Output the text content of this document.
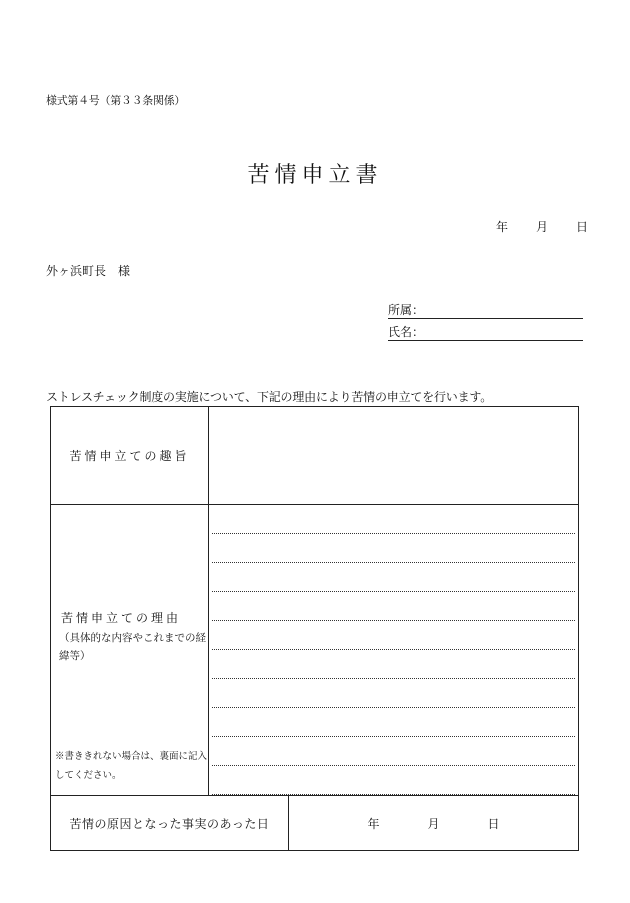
様式第４号（第３３条関係）
苦情申立書
年 月 日
外ヶ浜町長　様
所属：
氏名：
ストレスチェック制度の実施について、下記の理由により苦情の申立てを行います。
苦情申立ての趣旨		

苦情申立ての理由
（具体的な内容やこれまでの経緯等）
※書ききれない場合は、裏面に記入してください。		

苦情の原因となった事実のあった日		年 月 日
